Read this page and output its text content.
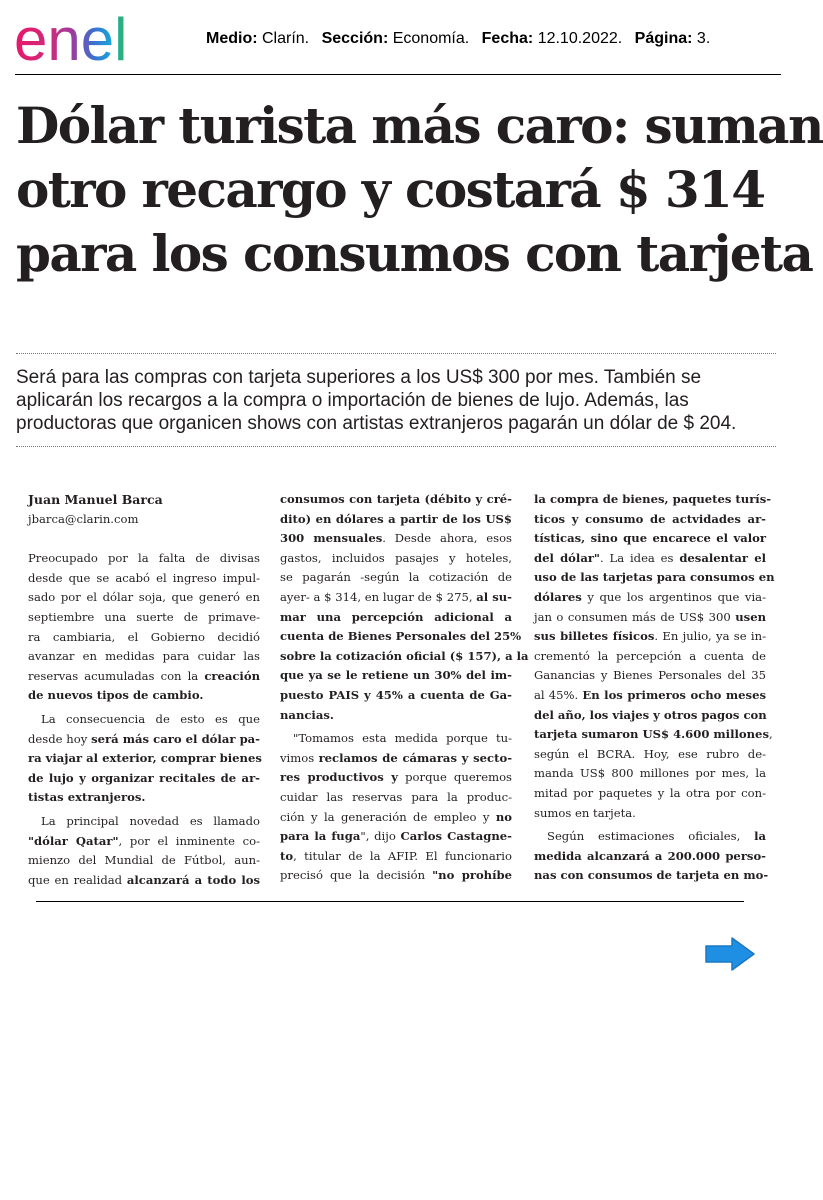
enel	Medio: Clarín. Sección: Economía. Fecha: 12.10.2022. Página: 3.
Dólar turista más caro: suman
otro recargo y costará $ 314
para los consumos con tarjeta
Será para las compras con tarjeta superiores a los US$ 300 por mes. También se
aplicarán los recargos a la compra o importación de bienes de lujo. Además, las
productoras que organicen shows con artistas extranjeros pagarán un dólar de $ 204.
Juan Manuel Barca
jbarca@clarin.com

Preocupado por la falta de divisas
desde que se acabó el ingreso impul-
sado por el dólar soja, que generó en
septiembre una suerte de primave-
ra cambiaria, el Gobierno decidió
avanzar en medidas para cuidar las
reservas acumuladas con la creación
de nuevos tipos de cambio.

La consecuencia de esto es que
desde hoy será más caro el dólar pa-
ra viajar al exterior, comprar bienes
de lujo y organizar recitales de ar-
tistas extranjeros.

La principal novedad es llamado
"dólar Qatar", por el inminente co-
mienzo del Mundial de Fútbol, aun-
que en realidad alcanzará a todo los

consumos con tarjeta (débito y cré-
dito) en dólares a partir de los US$
300 mensuales. Desde ahora, esos
gastos, incluidos pasajes y hoteles,
se pagarán -según la cotización de
ayer- a $ 314, en lugar de $ 275, al su-
mar una percepción adicional a
cuenta de Bienes Personales del 25%
sobre la cotización oficial ($ 157), a la
que ya se le retiene un 30% del im-
puesto PAIS y 45% a cuenta de Ga-
nancias.

"Tomamos esta medida porque tu-
vimos reclamos de cámaras y secto-
res productivos y porque queremos
cuidar las reservas para la produc-
ción y la generación de empleo y no
para la fuga", dijo Carlos Castagne-
to, titular de la AFIP. El funcionario
precisó que la decisión "no prohíbe

la compra de bienes, paquetes turís-
ticos y consumo de actvidades ar-
tísticas, sino que encarece el valor
del dólar". La idea es desalentar el
uso de las tarjetas para consumos en
dólares y que los argentinos que via-
jan o consumen más de US$ 300 usen
sus billetes físicos. En julio, ya se in-
crementó la percepción a cuenta de
Ganancias y Bienes Personales del 35
al 45%. En los primeros ocho meses
del año, los viajes y otros pagos con
tarjeta sumaron US$ 4.600 millones,
según el BCRA. Hoy, ese rubro de-
manda US$ 800 millones por mes, la
mitad por paquetes y la otra por con-
sumos en tarjeta.

Según estimaciones oficiales, la
medida alcanzará a 200.000 perso-
nas con consumos de tarjeta en mo-
